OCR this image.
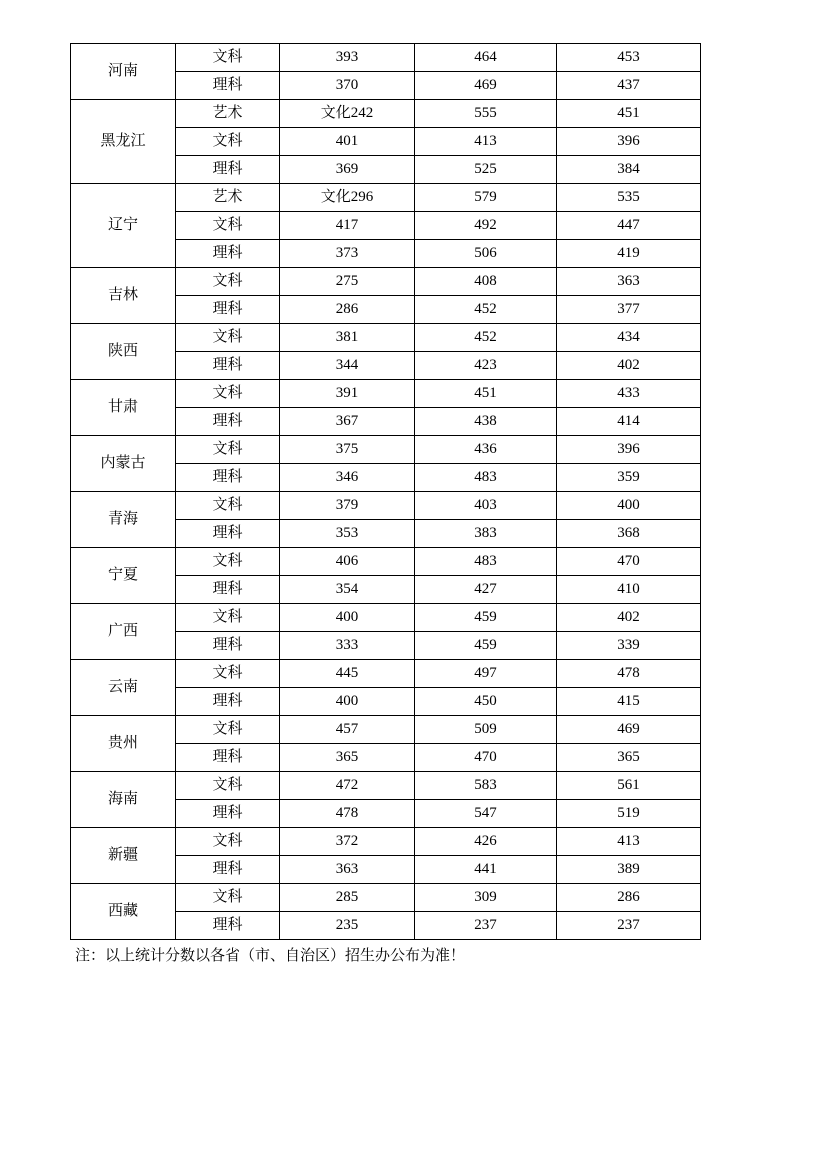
河南	文科	393	464	453
	理科	370	469	437
黑龙江	艺术	文化242	555	451
	文科	401	413	396
	理科	369	525	384
辽宁	艺术	文化296	579	535
	文科	417	492	447
	理科	373	506	419
吉林	文科	275	408	363
	理科	286	452	377
陕西	文科	381	452	434
	理科	344	423	402
甘肃	文科	391	451	433
	理科	367	438	414
内蒙古	文科	375	436	396
	理科	346	483	359
青海	文科	379	403	400
	理科	353	383	368
宁夏	文科	406	483	470
	理科	354	427	410
广西	文科	400	459	402
	理科	333	459	339
云南	文科	445	497	478
	理科	400	450	415
贵州	文科	457	509	469
	理科	365	470	365
海南	文科	472	583	561
	理科	478	547	519
新疆	文科	372	426	413
	理科	363	441	389
西藏	文科	285	309	286
	理科	235	237	237
注：以上统计分数以各省（市、自治区）招生办公布为准！
